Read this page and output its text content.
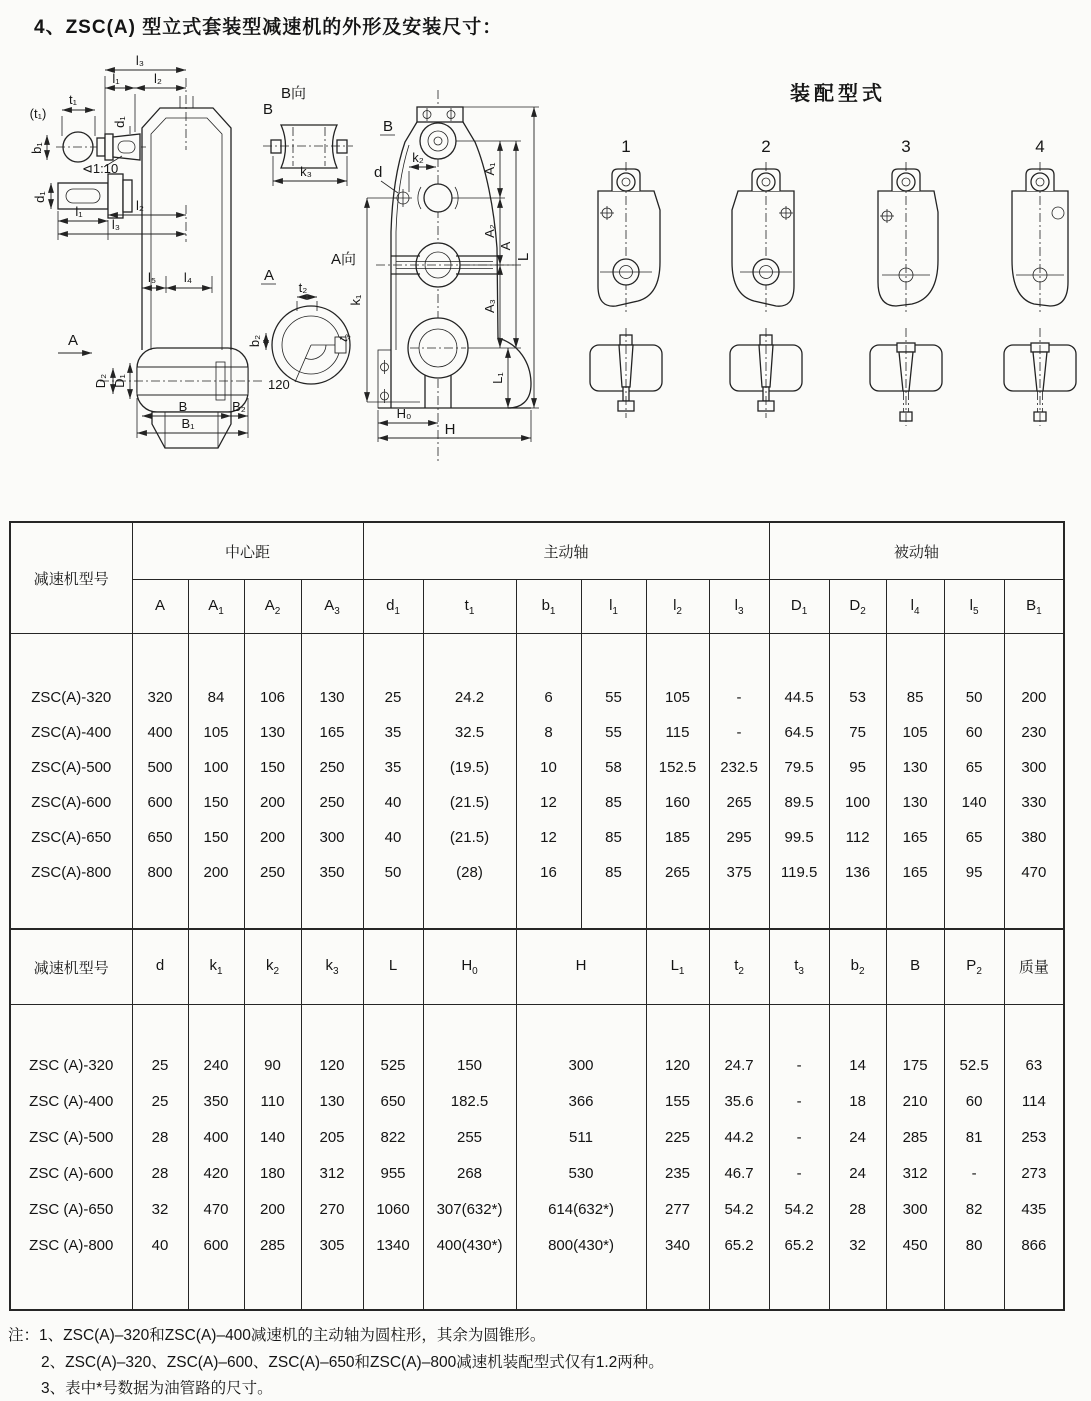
4、ZSC(A) 型立式套装型减速机的外形及安装尺寸：
l₃
l₁	l₂
t₁
(t₁)
b₁
d₁
⊲1:10
d₁
l₁	l₂
l₃
l₅ l₄
A
D₂ D₁
B	B₂
B₁
B向
B
k₃
A向
A
120
t₂
b₂	t₃
d
k₂
B
k₁
A₁
A₂
A₃
A
L₁
L
H₀
H
装配型式
1	2	3	4
减速机型号	中心距				主动轴						被动轴				
	A	$A_1$	$A_2$	$A_3$	$d_1$	$t_1$	$b_1$	$l_1$	$l_2$	$l_3$	$D_1$	$D_2$	$l_4$	$l_5$	$B_1$

ZSC(A)-320	320	84	106	130	25	24.2	6	55	105	-	44.5	53	85	50	200
ZSC(A)-400	400	105	130	165	35	32.5	8	55	115	-	64.5	75	105	60	230
ZSC(A)-500	500	100	150	250	35	(19.5)	10	58	152.5	232.5	79.5	95	130	65	300
ZSC(A)-600	600	150	200	250	40	(21.5)	12	85	160	265	89.5	100	130	140	330
ZSC(A)-650	650	150	200	300	40	(21.5)	12	85	185	295	99.5	112	165	65	380
ZSC(A)-800	800	200	250	350	50	(28)	16	85	265	375	119.5	136	165	95	470

减速机型号	d	$k_1$	$k_2$	$k_3$	L	$H_0$	H		$L_1$	$t_2$	$t_3$	$b_2$	B	$P_2$	质量

ZSC (A)-320	25	240	90	120	525	150	300		120	24.7	-	14	175	52.5	63
ZSC (A)-400	25	350	110	130	650	182.5	366		155	35.6	-	18	210	60	114
ZSC (A)-500	28	400	140	205	822	255	511		225	44.2	-	24	285	81	253
ZSC (A)-600	28	420	180	312	955	268	530		235	46.7	-	24	312	-	273
ZSC (A)-650	32	470	200	270	1060	307(632*)	614(632*)		277	54.2	54.2	28	300	82	435
ZSC (A)-800	40	600	285	305	1340	400(430*)	800(430*)		340	65.2	65.2	32	450	80	866

注：1、ZSC(A)–320和ZSC(A)–400减速机的主动轴为圆柱形，其余为圆锥形。
2、ZSC(A)–320、ZSC(A)–600、ZSC(A)–650和ZSC(A)–800减速机装配型式仅有1.2两种。
3、表中*号数据为油管路的尺寸。
